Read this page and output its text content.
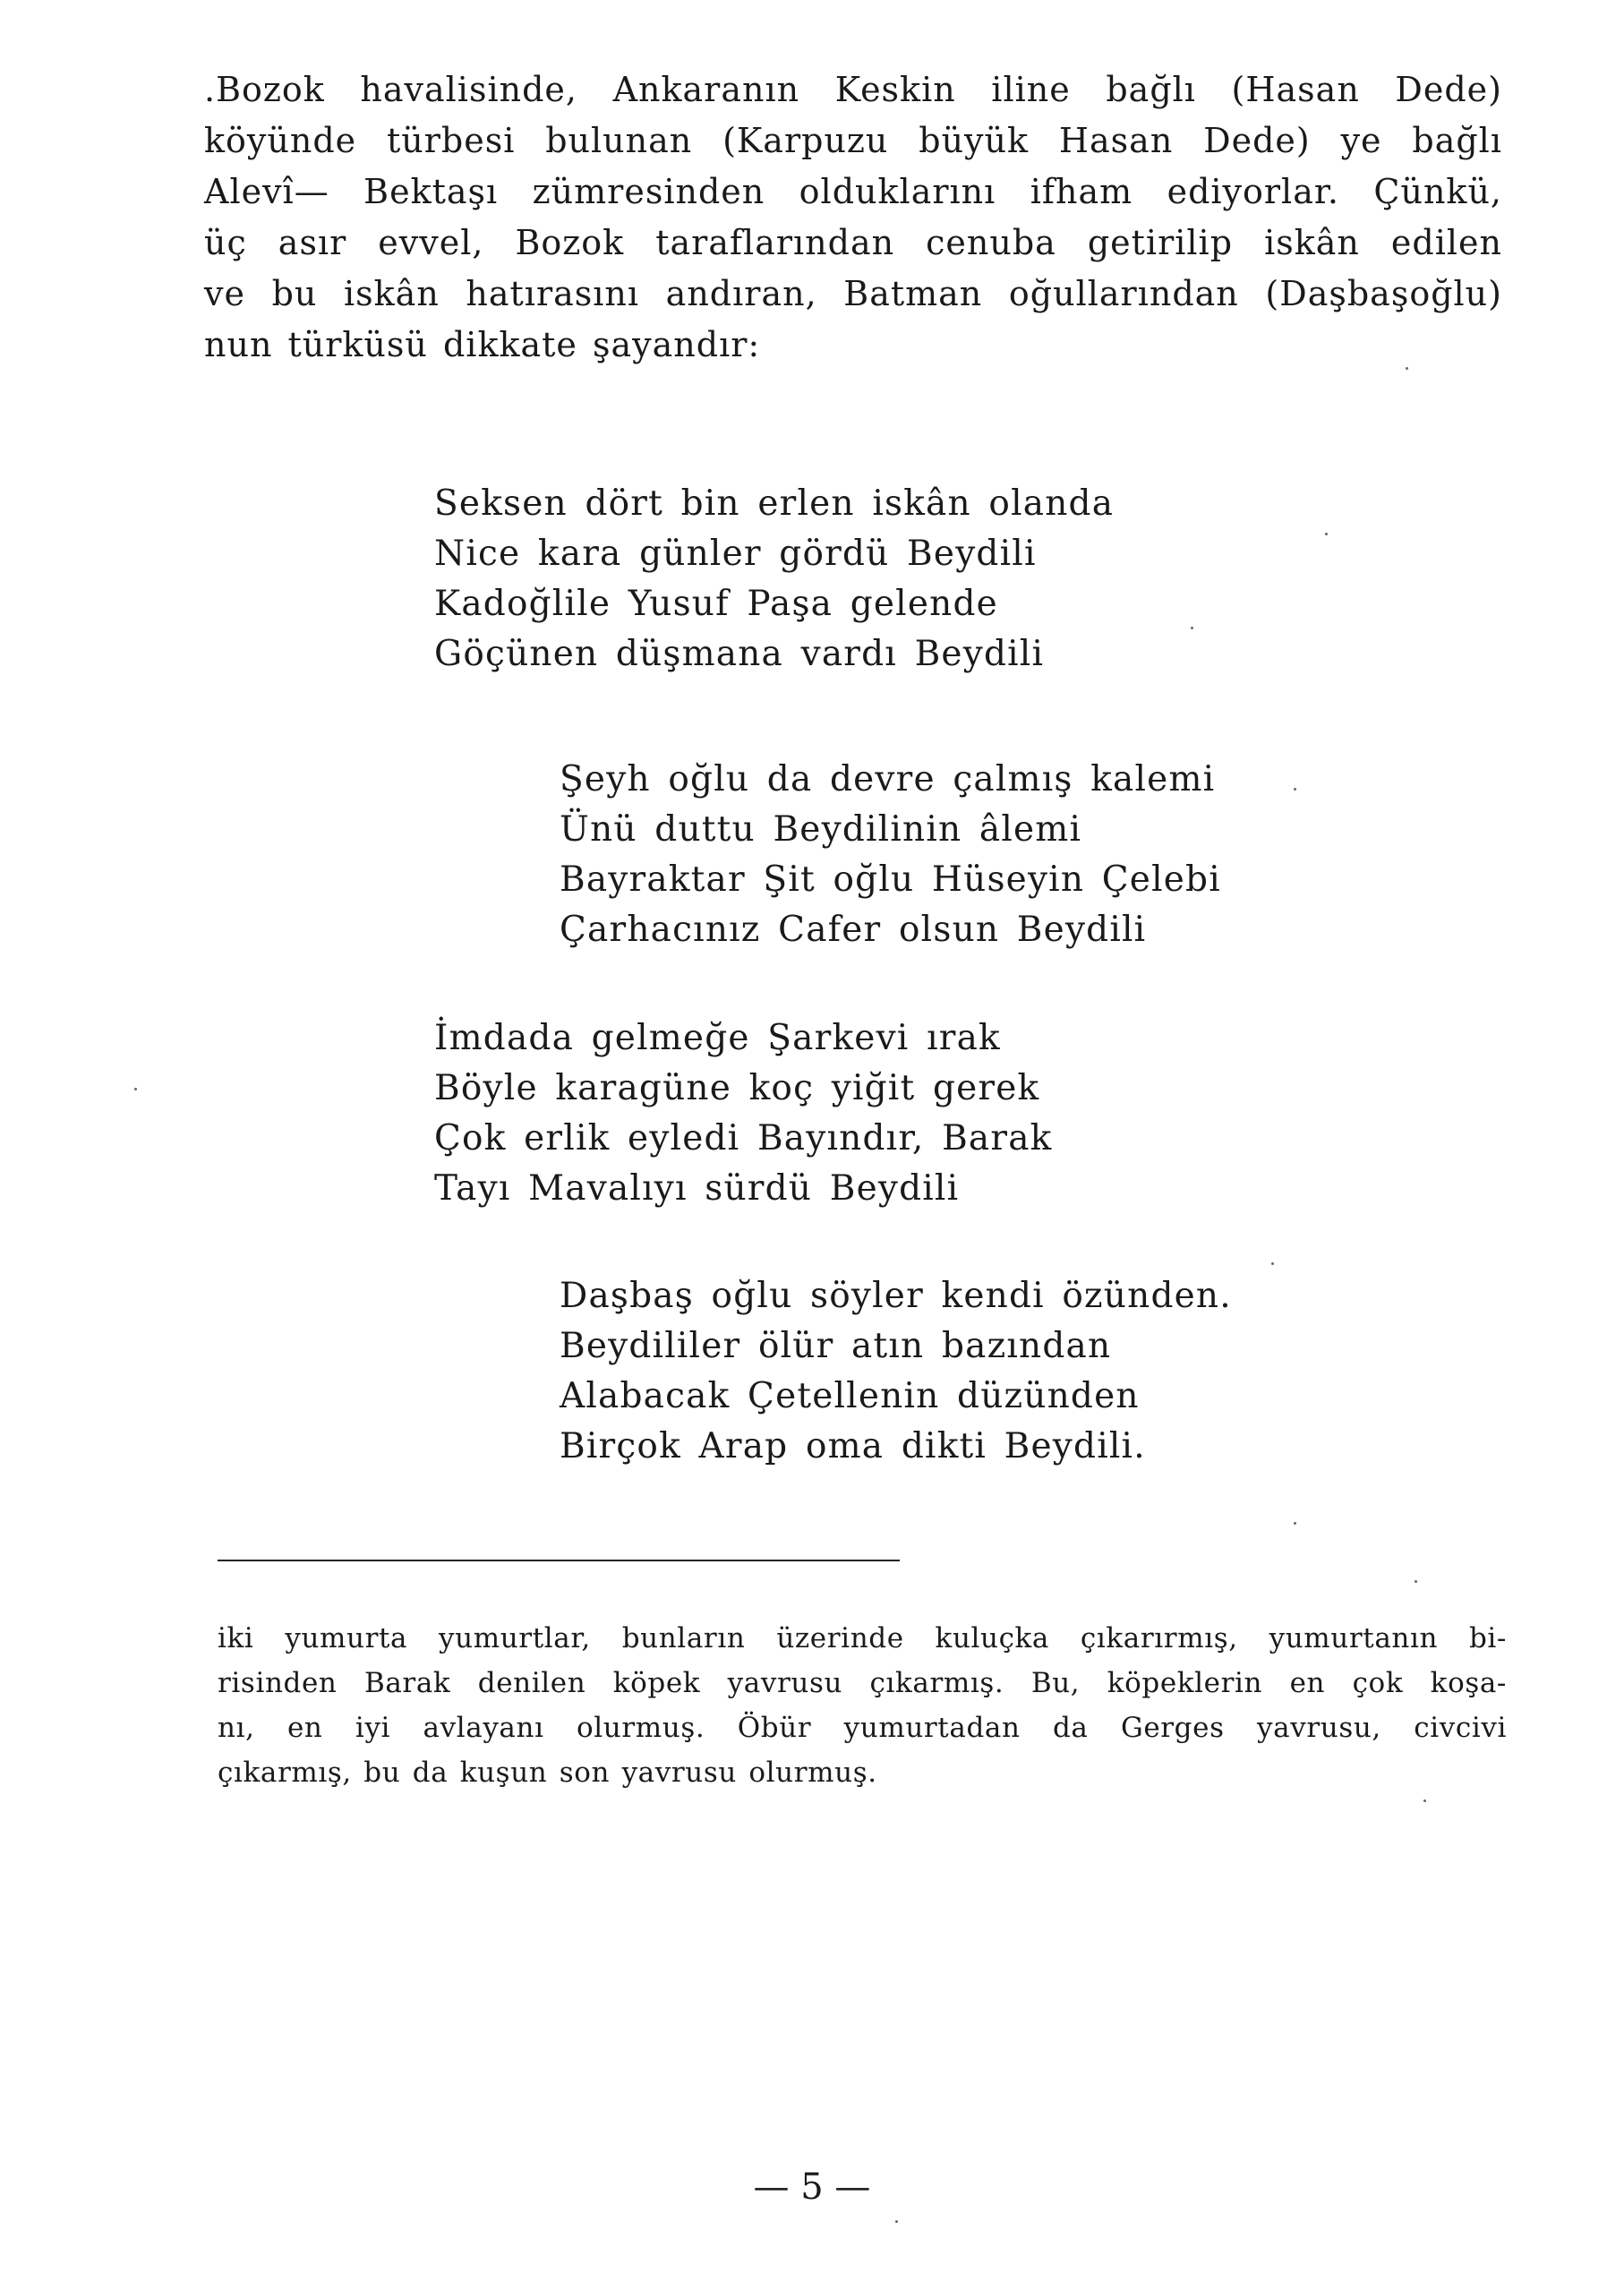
.Bozok havalisinde, Ankaranın Keskin iline bağlı (Hasan Dede)

köyünde türbesi bulunan (Karpuzu büyük Hasan Dede) ye bağlı

Alevî— Bektaşı zümresinden olduklarını ifham ediyorlar. Çünkü,

üç asır evvel, Bozok taraflarından cenuba getirilip iskân edilen

ve bu iskân hatırasını andıran, Batman oğullarından (Daşbaşoğlu)

nun türküsü dikkate şayandır:

Seksen dört bin erlen iskân olanda

Nice kara günler gördü Beydili

Kadoğlile Yusuf Paşa gelende

Göçünen düşmana vardı Beydili

Şeyh oğlu da devre çalmış kalemi

Ünü duttu Beydilinin âlemi

Bayraktar Şit oğlu Hüseyin Çelebi

Çarhacınız Cafer olsun Beydili

İmdada gelmeğe Şarkevi ırak

Böyle karagüne koç yiğit gerek

Çok erlik eyledi Bayındır, Barak

Tayı Mavalıyı sürdü Beydili

Daşbaş oğlu söyler kendi özünden.

Beydililer ölür atın bazından

Alabacak Çetellenin düzünden

Birçok Arap oma dikti Beydili.

iki yumurta yumurtlar, bunların üzerinde kuluçka çıkarırmış, yumurtanın bi-

risinden Barak denilen köpek yavrusu çıkarmış. Bu, köpeklerin en çok koşa-

nı, en iyi avlayanı olurmuş. Öbür yumurtadan da Gerges yavrusu, civcivi

çıkarmış, bu da kuşun son yavrusu olurmuş.

— 5 —
